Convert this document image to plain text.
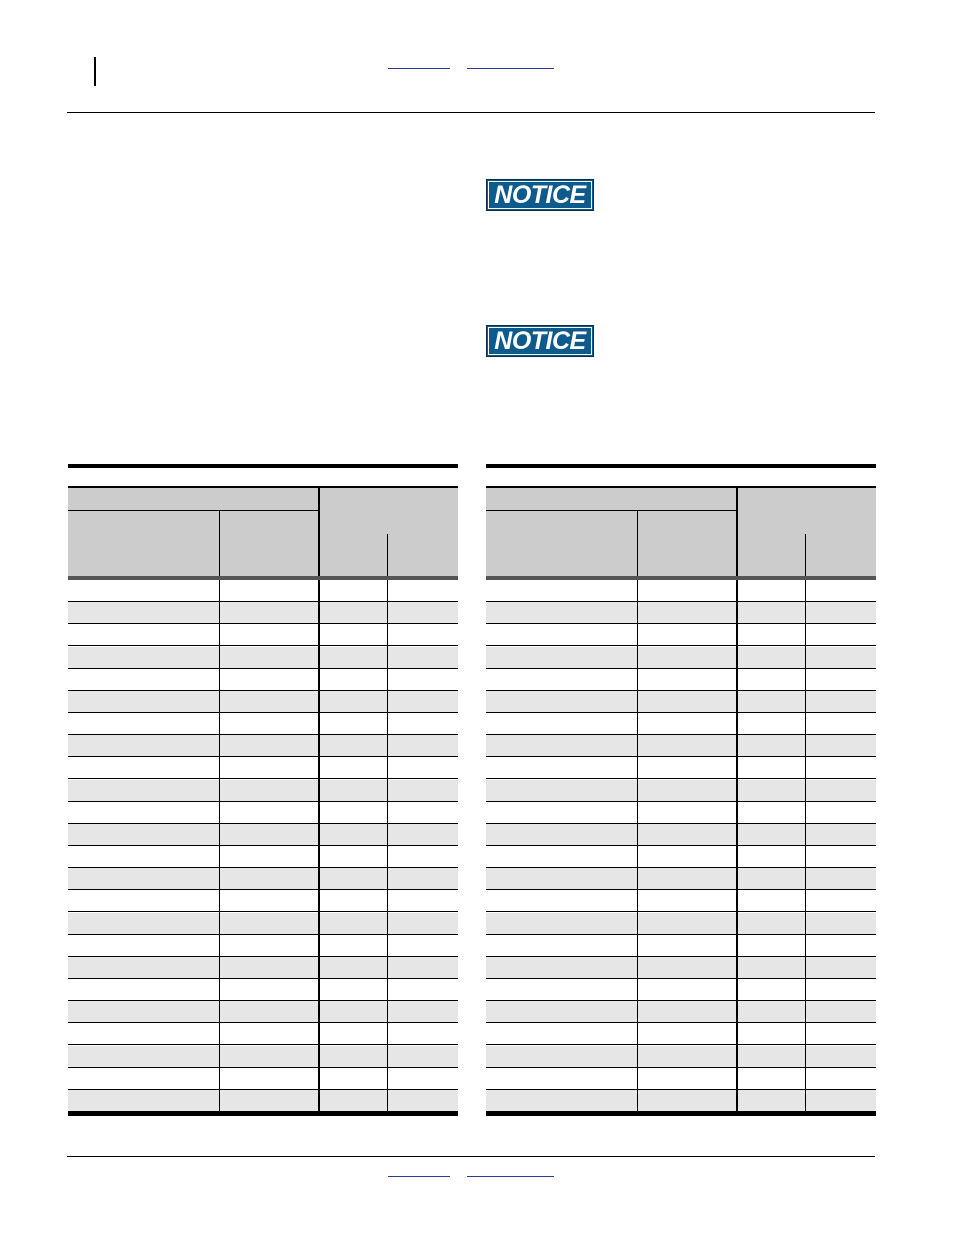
NOTICE
NOTICE
